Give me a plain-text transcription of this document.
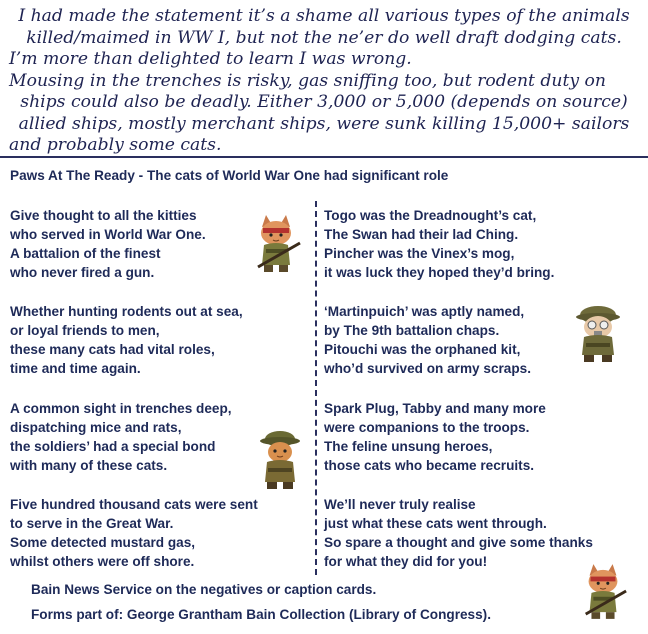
I had made the statement it’s a shame all various types of the animals
killed/maimed in WW I, but not the ne’er do well draft dodging cats.
I’m more than delighted to learn I was wrong.
Mousing in the trenches is risky, gas sniffing too, but rodent duty on
ships could also be deadly. Either 3,000 or 5,000 (depends on source)
allied ships, mostly merchant ships, were sunk killing 15,000+ sailors
and probably some cats.
Paws At The Ready - The cats of World War One had significant role
Give thought to all the kitties
who served in World War One.
A battalion of the finest
who never fired a gun.
Whether hunting rodents out at sea,
or loyal friends to men,
these many cats had vital roles,
time and time again.
A common sight in trenches deep,
dispatching mice and rats,
the soldiers’ had a special bond
with many of these cats.
Five hundred thousand cats were sent
to serve in the Great War.
Some detected mustard gas,
whilst others were off shore.
Togo was the Dreadnought’s cat,
The Swan had their lad Ching.
Pincher was the Vinex’s mog,
it was luck they hoped they’d bring.
‘Martinpuich’ was aptly named,
by The 9th battalion chaps.
Pitouchi was the orphaned kit,
who’d survived on army scraps.
Spark Plug, Tabby and many more
were companions to the troops.
The feline unsung heroes,
those cats who became recruits.
We’ll never truly realise
just what these cats went through.
So spare a thought and give some thanks
for what they did for you!
Bain News Service on the negatives or caption cards.
Forms part of: George Grantham Bain Collection (Library of Congress).
